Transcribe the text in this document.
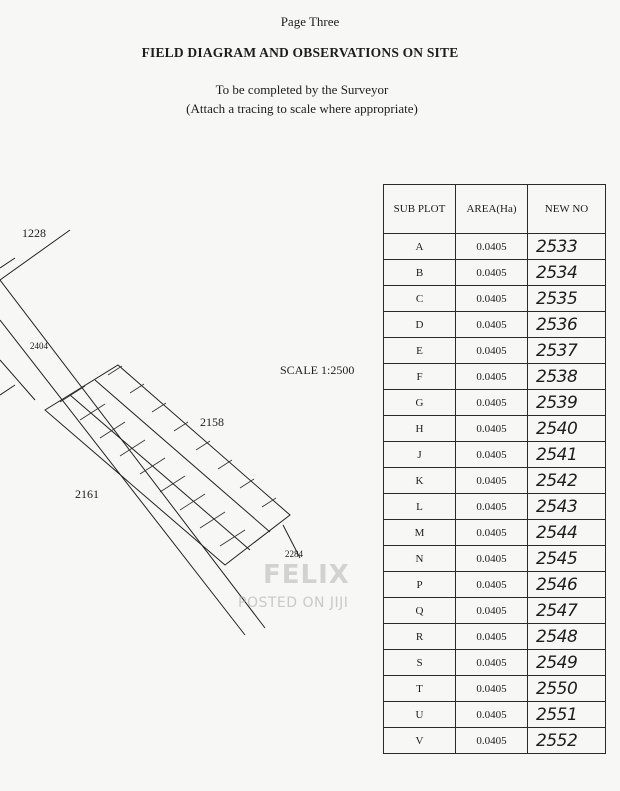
Page Three
FIELD DIAGRAM AND OBSERVATIONS ON SITE
To be completed by the Surveyor
(Attach a tracing to scale where appropriate)
1228
2404
2158
2161
2284
SCALE 1:2500
SUB PLOT	AREA(Ha)	NEW NO
A	0.0405	2533
B	0.0405	2534
C	0.0405	2535
D	0.0405	2536
E	0.0405	2537
F	0.0405	2538
G	0.0405	2539
H	0.0405	2540
J	0.0405	2541
K	0.0405	2542
L	0.0405	2543
M	0.0405	2544
N	0.0405	2545
P	0.0405	2546
Q	0.0405	2547
R	0.0405	2548
S	0.0405	2549
T	0.0405	2550
U	0.0405	2551
V	0.0405	2552
FELIX
POSTED ON JIJI
